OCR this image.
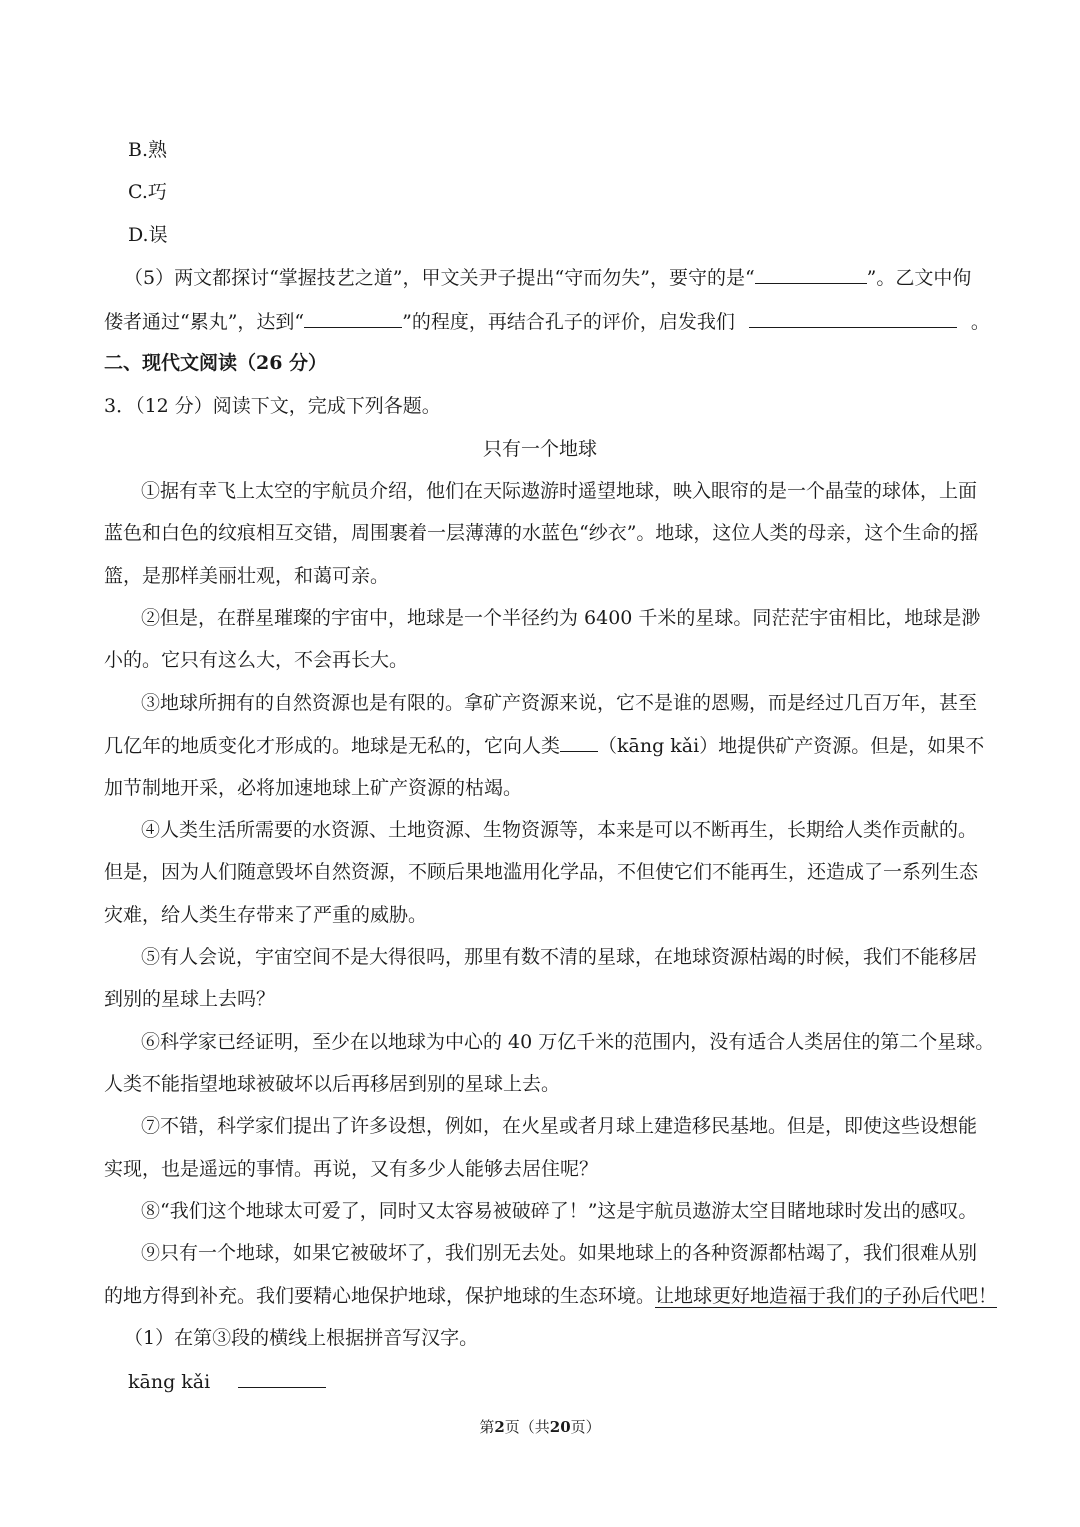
B.熟
C.巧
D.误
（5）两文都探讨“掌握技艺之道”，甲文关尹子提出“守而勿失”，要守的是“	”。乙文中佝
偻者通过“累丸”，达到“	”的程度，再结合孔子的评价，启发我们	。
二、现代文阅读（26 分）
3．（12 分）阅读下文，完成下列各题。
只有一个地球
①据有幸飞上太空的宇航员介绍，他们在天际遨游时遥望地球，映入眼帘的是一个晶莹的球体，上面
蓝色和白色的纹痕相互交错，周围裹着一层薄薄的水蓝色“纱衣”。地球，这位人类的母亲，这个生命的摇
篮，是那样美丽壮观，和蔼可亲。
②但是，在群星璀璨的宇宙中，地球是一个半径约为 6400 千米的星球。同茫茫宇宙相比，地球是渺
小的。它只有这么大，不会再长大。
③地球所拥有的自然资源也是有限的。拿矿产资源来说，它不是谁的恩赐，而是经过几百万年，甚至
几亿年的地质变化才形成的。地球是无私的，它向人类 （kāng kǎi）地提供矿产资源。但是，如果不
加节制地开采，必将加速地球上矿产资源的枯竭。
④人类生活所需要的水资源、土地资源、生物资源等，本来是可以不断再生，长期给人类作贡献的。
但是，因为人们随意毁坏自然资源，不顾后果地滥用化学品，不但使它们不能再生，还造成了一系列生态
灾难，给人类生存带来了严重的威胁。
⑤有人会说，宇宙空间不是大得很吗，那里有数不清的星球，在地球资源枯竭的时候，我们不能移居
到别的星球上去吗？
⑥科学家已经证明，至少在以地球为中心的 40 万亿千米的范围内，没有适合人类居住的第二个星球。
人类不能指望地球被破坏以后再移居到别的星球上去。
⑦不错，科学家们提出了许多设想，例如，在火星或者月球上建造移民基地。但是，即使这些设想能
实现，也是遥远的事情。再说，又有多少人能够去居住呢？
⑧“我们这个地球太可爱了，同时又太容易被破碎了！”这是宇航员遨游太空目睹地球时发出的感叹。
⑨只有一个地球，如果它被破坏了，我们别无去处。如果地球上的各种资源都枯竭了，我们很难从别
的地方得到补充。我们要精心地保护地球，保护地球的生态环境。让地球更好地造福于我们的子孙后代吧！
（1）在第③段的横线上根据拼音写汉字。
kāng kǎi
第2页（共20页）
